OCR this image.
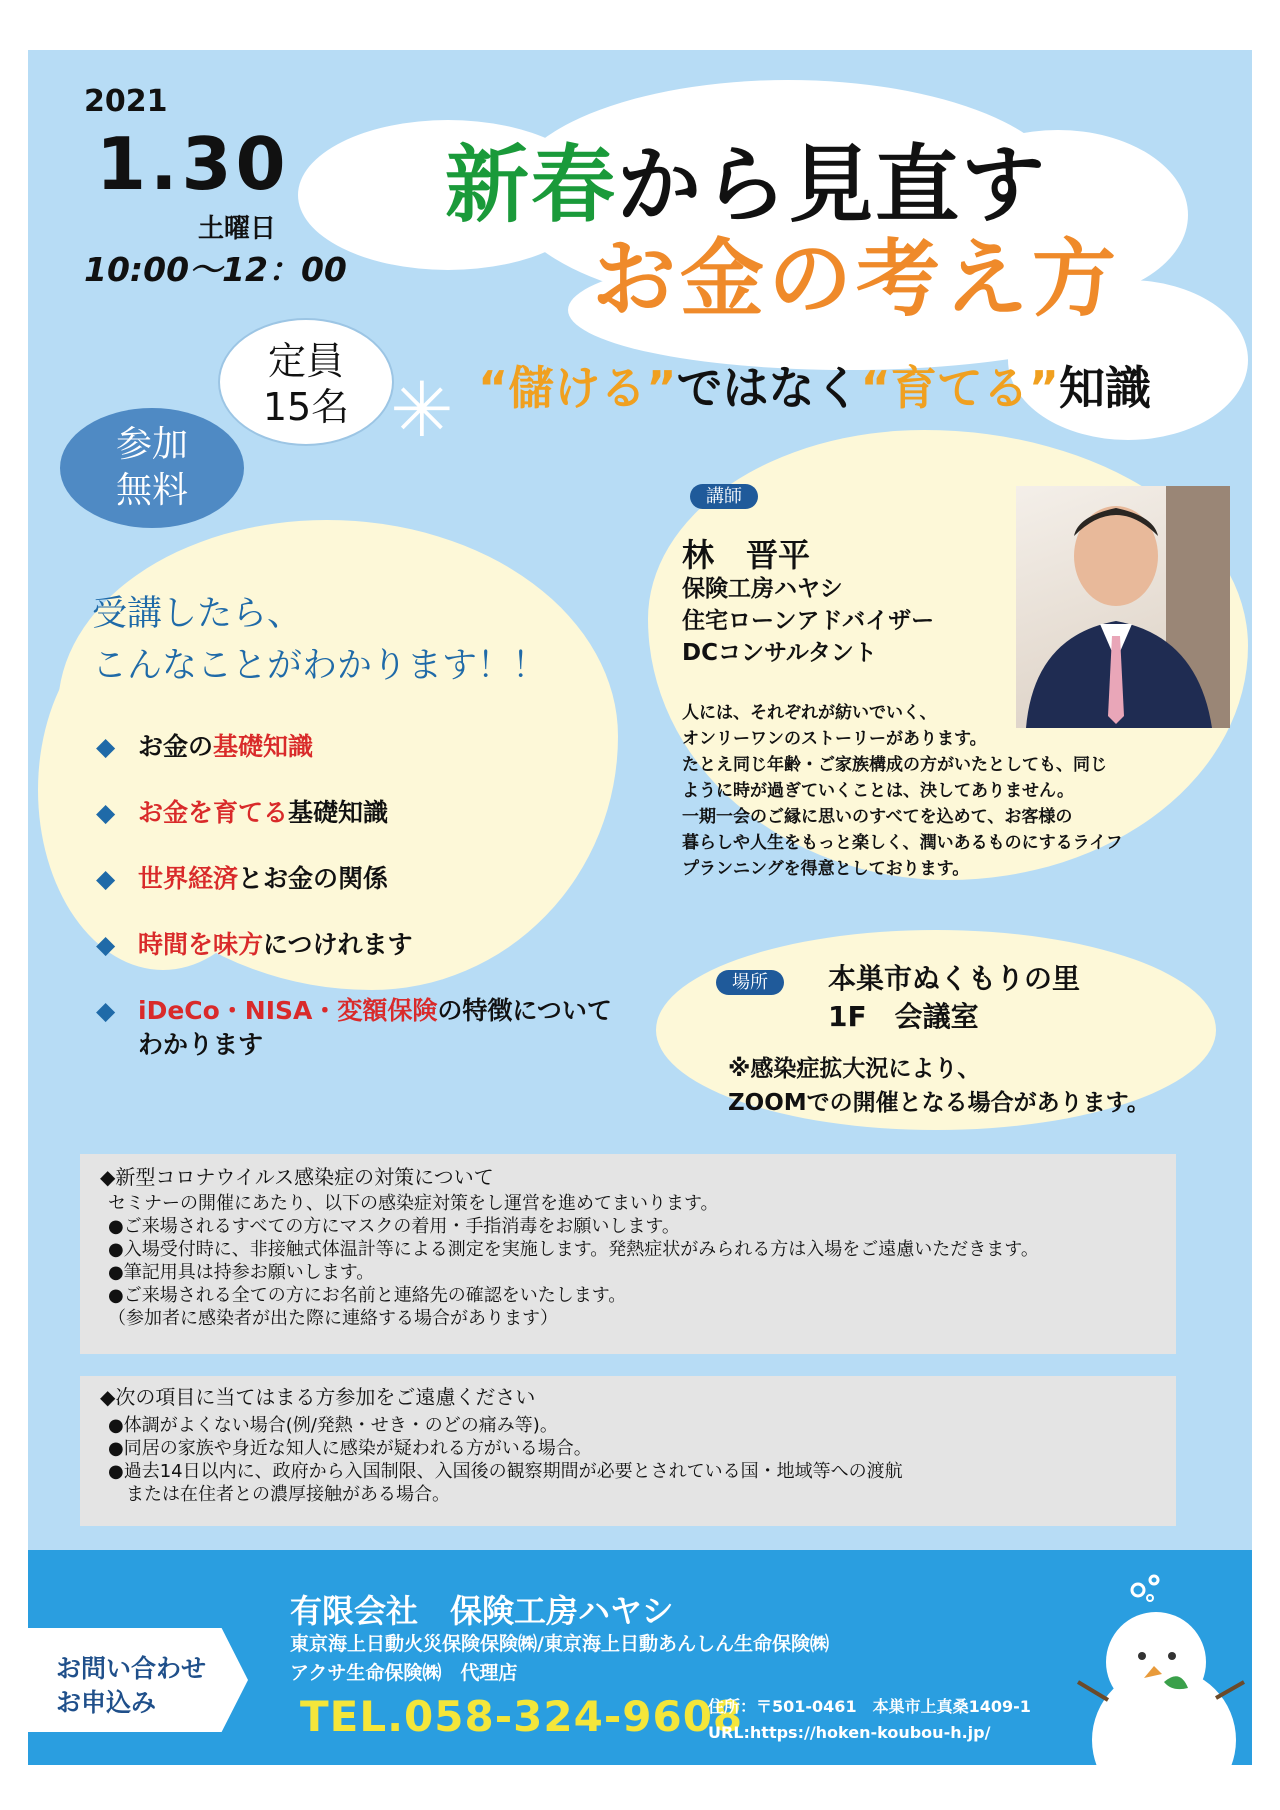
2021
1.30
土曜日
10:00～12：00
新春から見直す
お金の考え方
“儲ける”ではなく“育てる”知識
定員
15名
参加
無料
✳
受講したら、
こんなことがわかります！！
◆ お金の基礎知識
◆ お金を育てる基礎知識
◆ 世界経済とお金の関係
◆ 時間を味方につけれます
◆ iDeCo・NISA・変額保険の特徴について
わかります
講師
林　晋平
保険工房ハヤシ
住宅ローンアドバイザー
DCコンサルタント
人には、それぞれが紡いでいく、
オンリーワンのストーリーがあります。
たとえ同じ年齢・ご家族構成の方がいたとしても、同じ
ように時が過ぎていくことは、決してありません。
一期一会のご縁に思いのすべてを込めて、お客様の
暮らしや人生をもっと楽しく、潤いあるものにするライフ
プランニングを得意としております。
場所	本巣市ぬくもりの里
1F　会議室
※感染症拡大況により、
ZOOMでの開催となる場合があります。
◆新型コロナウイルス感染症の対策について
セミナーの開催にあたり、以下の感染症対策をし運営を進めてまいります。
●ご来場されるすべての方にマスクの着用・手指消毒をお願いします。
●入場受付時に、非接触式体温計等による測定を実施します。発熱症状がみられる方は入場をご遠慮いただきます。
●筆記用具は持参お願いします。
●ご来場される全ての方にお名前と連絡先の確認をいたします。
（参加者に感染者が出た際に連絡する場合があります）
◆次の項目に当てはまる方参加をご遠慮ください
●体調がよくない場合(例/発熱・せき・のどの痛み等)。
●同居の家族や身近な知人に感染が疑われる方がいる場合。
●過去14日以内に、政府から入国制限、入国後の観察期間が必要とされている国・地域等への渡航
　または在住者との濃厚接触がある場合。
お問い合わせ
お申込み
有限会社　保険工房ハヤシ
東京海上日動火災保険保険㈱/東京海上日動あんしん生命保険㈱
アクサ生命保険㈱　代理店
TEL.058-324-9608
住所：〒501-0461　本巣市上真桑1409-1
URL:https://hoken-koubou-h.jp/
